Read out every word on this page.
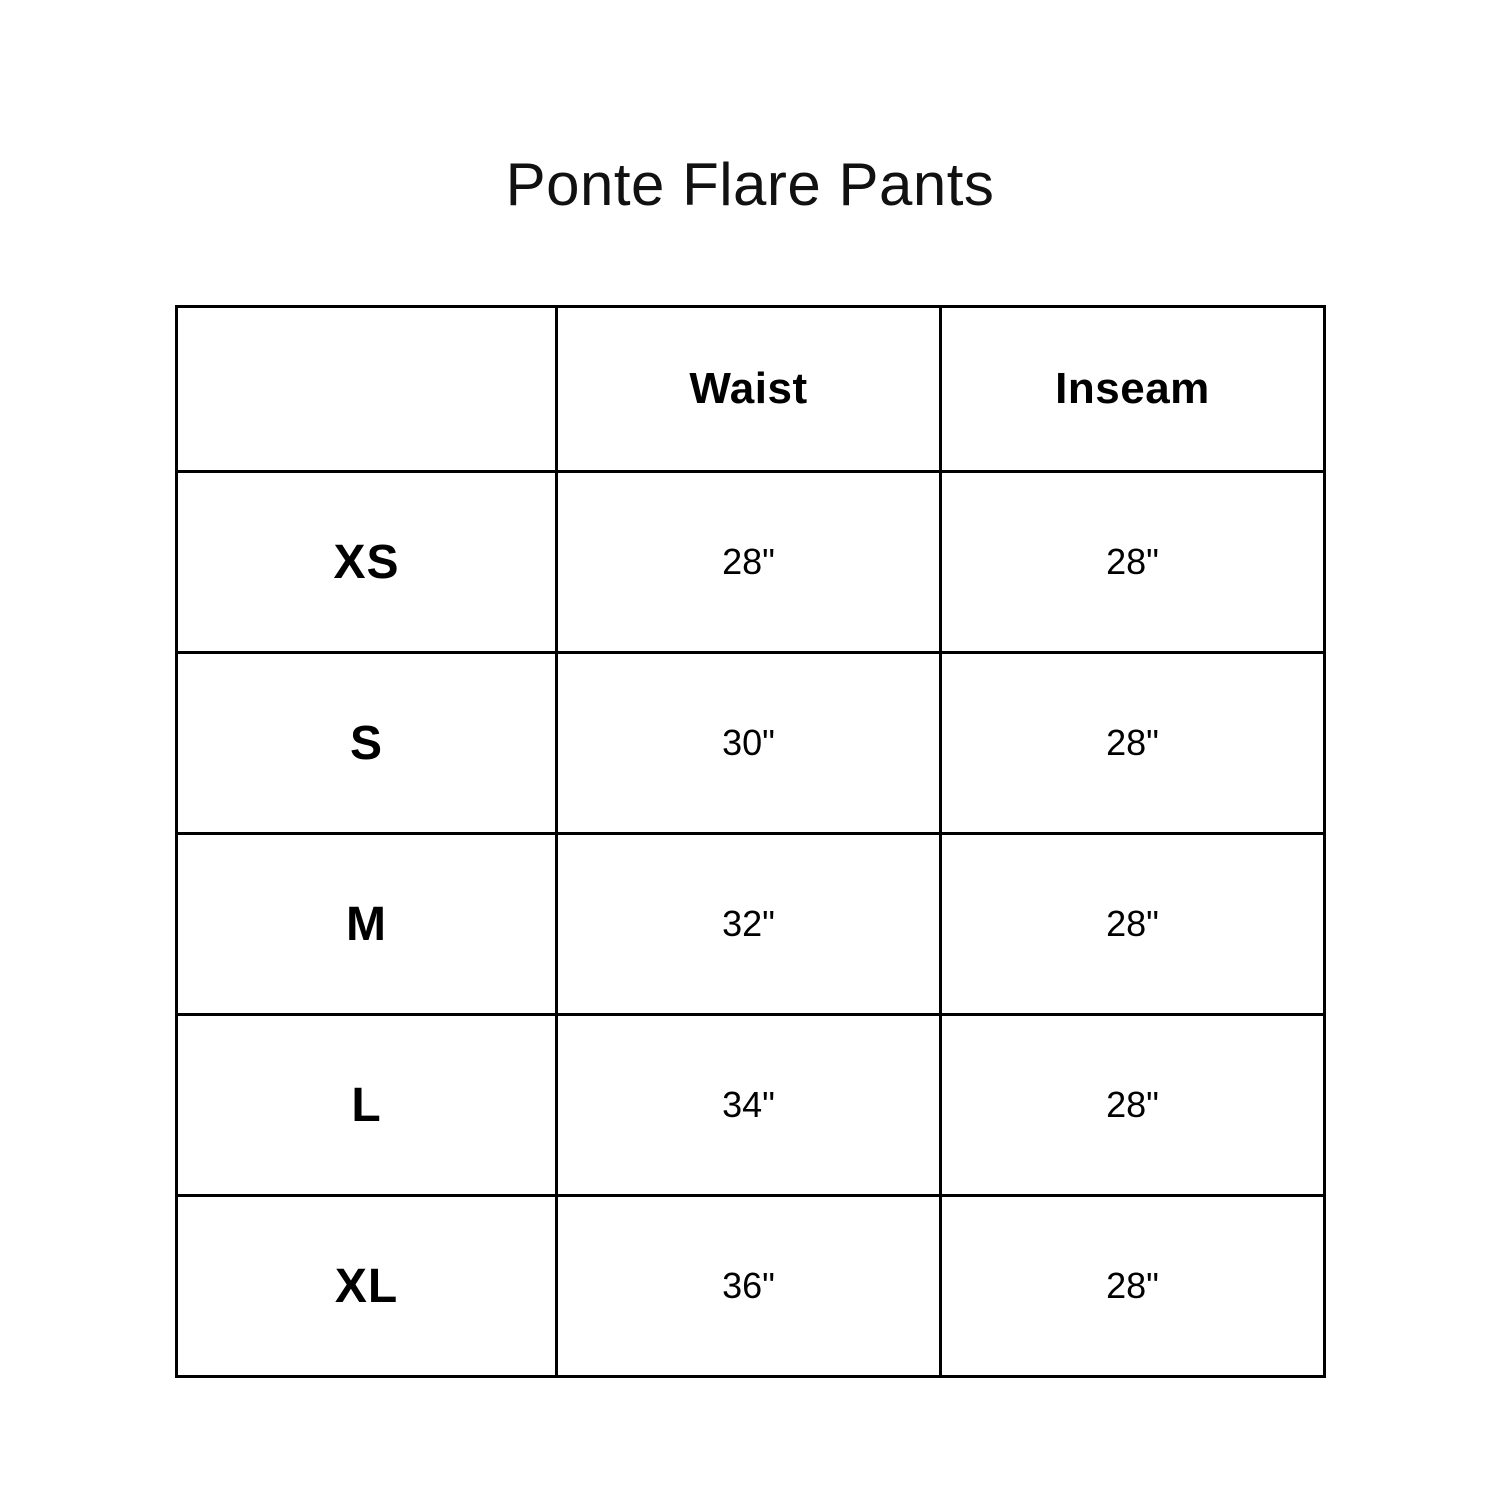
Ponte Flare Pants
	Waist	Inseam
XS	28"	28"
S	30"	28"
M	32"	28"
L	34"	28"
XL	36"	28"
